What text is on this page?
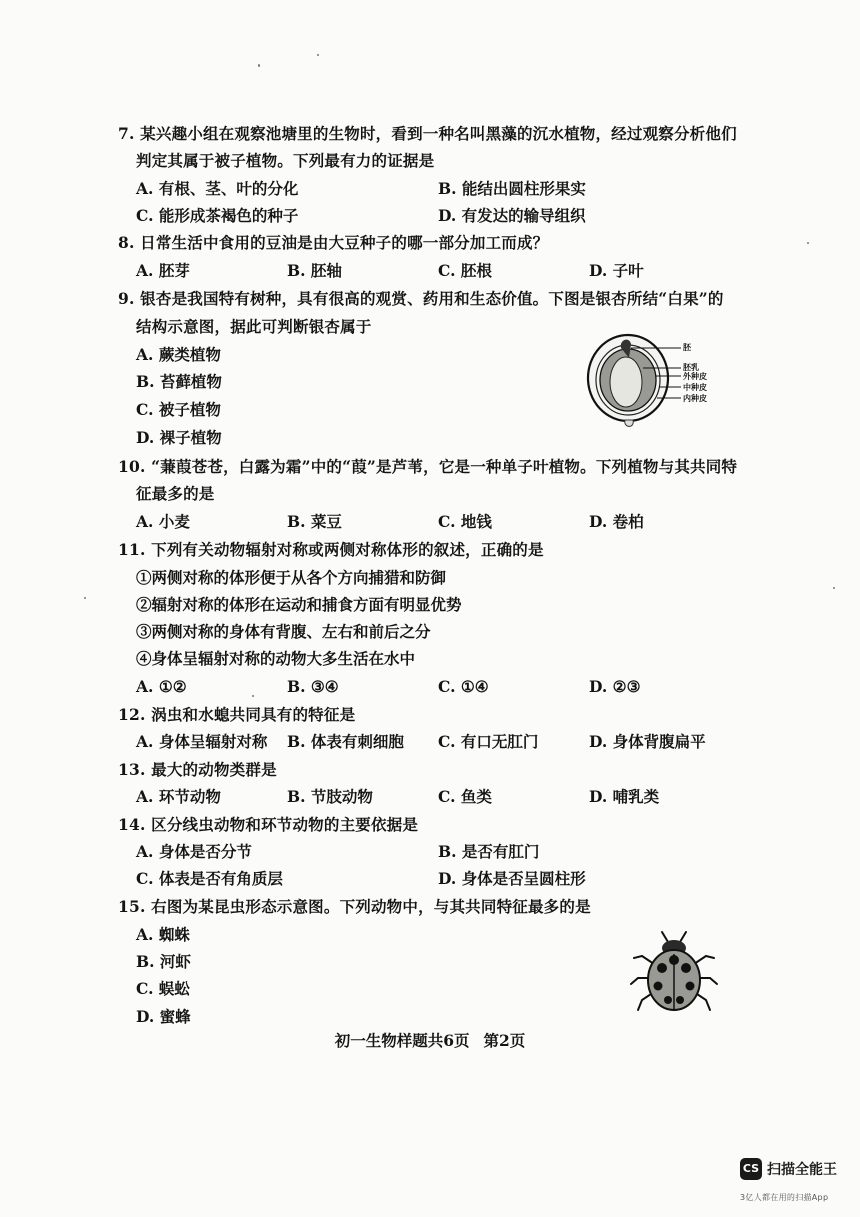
7. 某兴趣小组在观察池塘里的生物时，看到一种名叫黑藻的沉水植物，经过观察分析他们
判定其属于被子植物。下列最有力的证据是
A. 有根、茎、叶的分化	B. 能结出圆柱形果实
C. 能形成茶褐色的种子	D. 有发达的输导组织
8. 日常生活中食用的豆油是由大豆种子的哪一部分加工而成？
A. 胚芽	B. 胚轴	C. 胚根	D. 子叶
9. 银杏是我国特有树种，具有很高的观赏、药用和生态价值。下图是银杏所结“白果”的
结构示意图，据此可判断银杏属于
A. 蕨类植物
B. 苔藓植物
C. 被子植物
D. 裸子植物
胚
胚乳
外种皮
中种皮
内种皮
10. “蒹葭苍苍，白露为霜”中的“葭”是芦苇，它是一种单子叶植物。下列植物与其共同特
征最多的是
A. 小麦	B. 菜豆	C. 地钱	D. 卷柏
11. 下列有关动物辐射对称或两侧对称体形的叙述，正确的是
①两侧对称的体形便于从各个方向捕猎和防御
②辐射对称的体形在运动和捕食方面有明显优势
③两侧对称的身体有背腹、左右和前后之分
④身体呈辐射对称的动物大多生活在水中
A. ①②	B. ③④	C. ①④	D. ②③
12. 涡虫和水螅共同具有的特征是
A. 身体呈辐射对称 B. 体表有刺细胞 C. 有口无肛门	D. 身体背腹扁平
13. 最大的动物类群是
A. 环节动物	B. 节肢动物	C. 鱼类	D. 哺乳类
14. 区分线虫动物和环节动物的主要依据是
A. 身体是否分节	B. 是否有肛门
C. 体表是否有角质层	D. 身体是否呈圆柱形
15. 右图为某昆虫形态示意图。下列动物中，与其共同特征最多的是
A. 蜘蛛
B. 河虾
C. 蜈蚣
D. 蜜蜂
初一生物样题共6页 第2页
CS 扫描全能王
3亿人都在用的扫描App
